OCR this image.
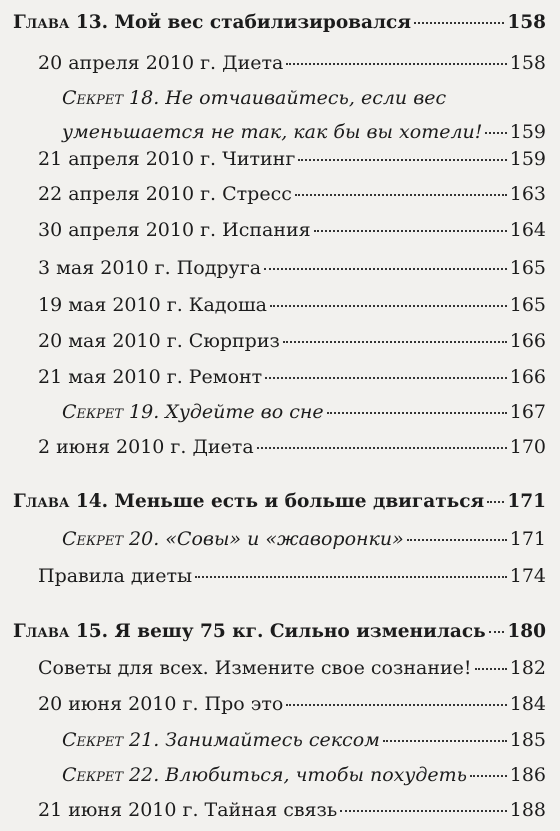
Глава 13. Мой вес стабилизировался	158
20 апреля 2010 г. Диета	158
Секрет 18. Не отчаивайтесь, если вес
уменьшается не так, как бы вы хотели! 159
21 апреля 2010 г. Читинг	159
22 апреля 2010 г. Стресс	163
30 апреля 2010 г. Испания	164
3 мая 2010 г. Подруга	165
19 мая 2010 г. Кадоша	165
20 мая 2010 г. Сюрприз	166
21 мая 2010 г. Ремонт	166
Секрет 19. Худейте во сне	167
2 июня 2010 г. Диета	170
Глава 14. Меньше есть и больше двигаться 171
Секрет 20. «Совы» и «жаворонки»	171
Правила диеты	174
Глава 15. Я вешу 75 кг. Сильно изменилась 180
Советы для всех. Измените свое сознание! 182
20 июня 2010 г. Про это	184
Секрет 21. Занимайтесь сексом	185
Секрет 22. Влюбиться, чтобы похудеть 186
21 июня 2010 г. Тайная связь	188
